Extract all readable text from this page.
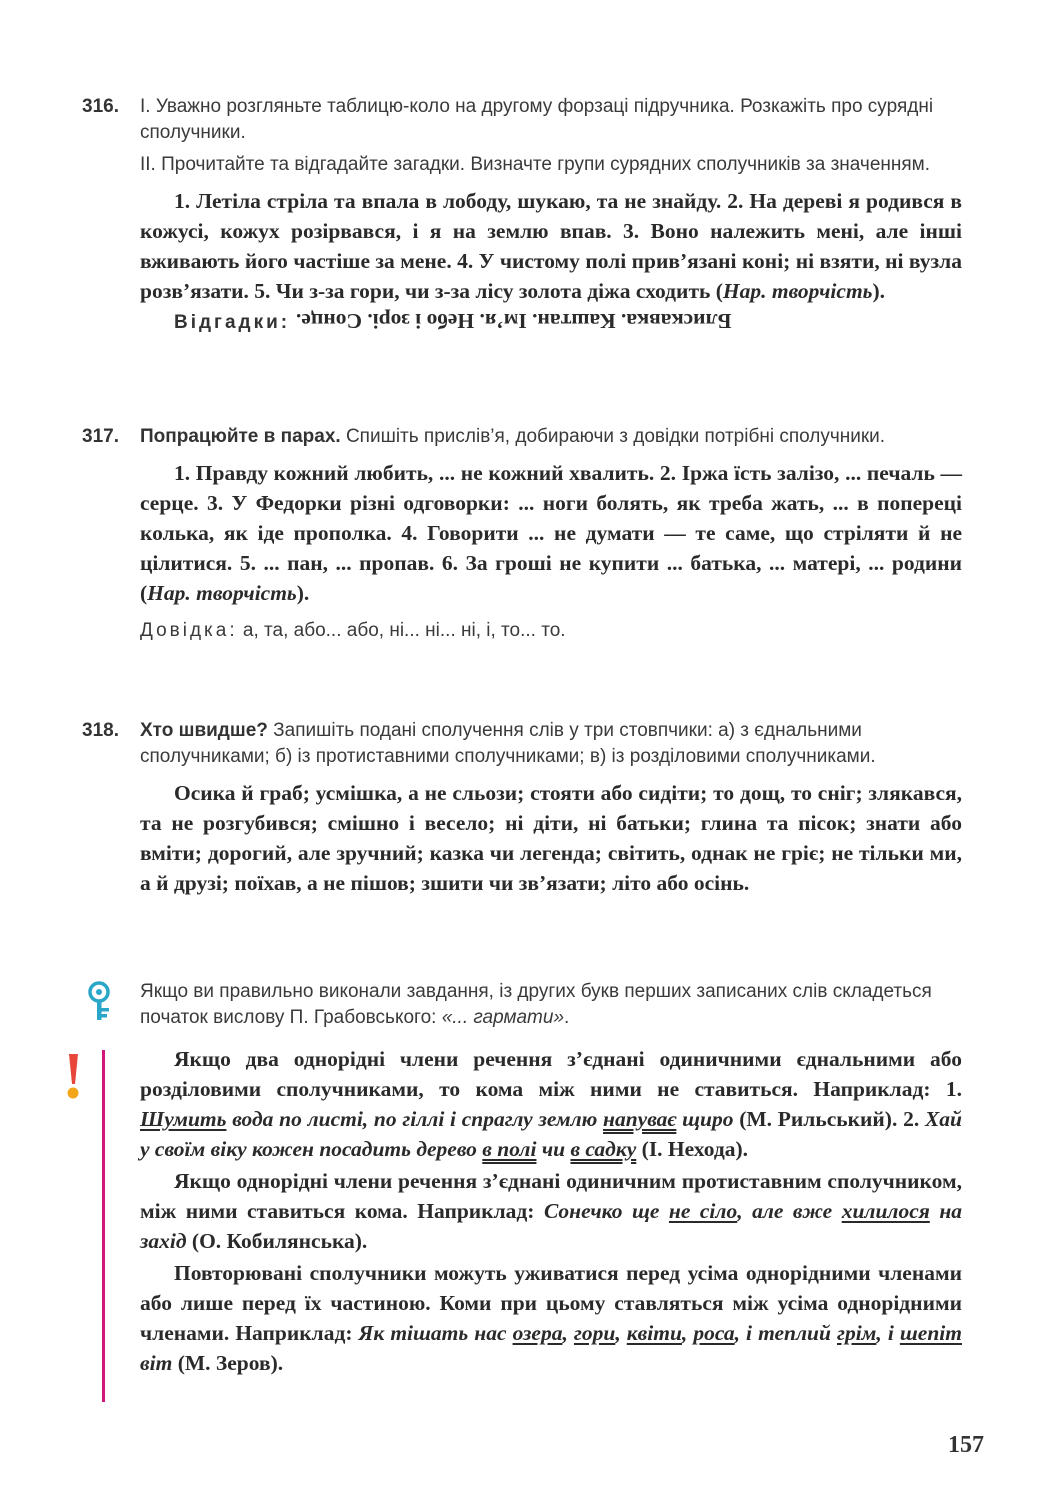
316. І. Уважно розгляньте таблицю-коло на другому форзаці підручника. Розкажіть про сурядні сполучники.

ІІ. Прочитайте та відгадайте загадки. Визначте групи сурядних сполучників за значенням.

1. Летіла стріла та впала в лободу, шукаю, та не знайду. 2. На дереві я родився в кожусі, кожух розірвався, і я на землю впав. 3. Воно належить мені, але інші вживають його частіше за мене. 4. У чистому полі прив’язані коні; ні взяти, ні вузла розв’язати. 5. Чи з-за гори, чи з-за лісу золота діжа сходить (Нар. творчість).

Відгадки: Блискавка. Каштан. Ім’я. Небо і зорі. Сонце.

317. Попрацюйте в парах. Спишіть прислів’я, добираючи з довідки потрібні сполучники.

1. Правду кожний любить, ... не кожний хвалить. 2. Іржа їсть залізо, ... печаль — серце. 3. У Федорки різні одговорки: ... ноги болять, як треба жать, ... в попереці колька, як іде прополка. 4. Говорити ... не думати — те саме, що стріляти й не цілитися. 5. ... пан, ... пропав. 6. За гроші не купити ... батька, ... матері, ... родини (Нар. творчість).

Довідка: а, та, або... або, ні... ні... ні, і, то... то.

318. Хто швидше? Запишіть подані сполучення слів у три стовпчики: а) з єднальними сполучниками; б) із протиставними сполучниками; в) із розділовими сполучниками.

Осика й граб; усмішка, а не сльози; стояти або сидіти; то дощ, то сніг; злякався, та не розгубився; смішно і весело; ні діти, ні батьки; глина та пісок; знати або вміти; дорогий, але зручний; казка чи легенда; світить, однак не гріє; не тільки ми, а й друзі; поїхав, а не пішов; зшити чи зв’язати; літо або осінь.

Якщо ви правильно виконали завдання, із других букв перших записаних слів складеться початок вислову П. Грабовського: «... гармати».

Якщо два однорідні члени речення з’єднані одиничними єднальними або розділовими сполучниками, то кома між ними не ставиться. Наприклад: 1. Шумить вода по листі, по гіллі і спраглу землю напуває щиро (М. Рильський). 2. Хай у своїм віку кожен посадить дерево в полі чи в садку (І. Нехода).

Якщо однорідні члени речення з’єднані одиничним протиставним сполучником, між ними ставиться кома. Наприклад: Сонечко ще не сіло, але вже хилилося на захід (О. Кобилянська).

Повторювані сполучники можуть уживатися перед усіма однорідними членами або лише перед їх частиною. Коми при цьому ставляться між усіма однорідними членами. Наприклад: Як тішать нас озера, гори, квіти, роса, і теплий грім, і шепіт віт (М. Зеров).

157
